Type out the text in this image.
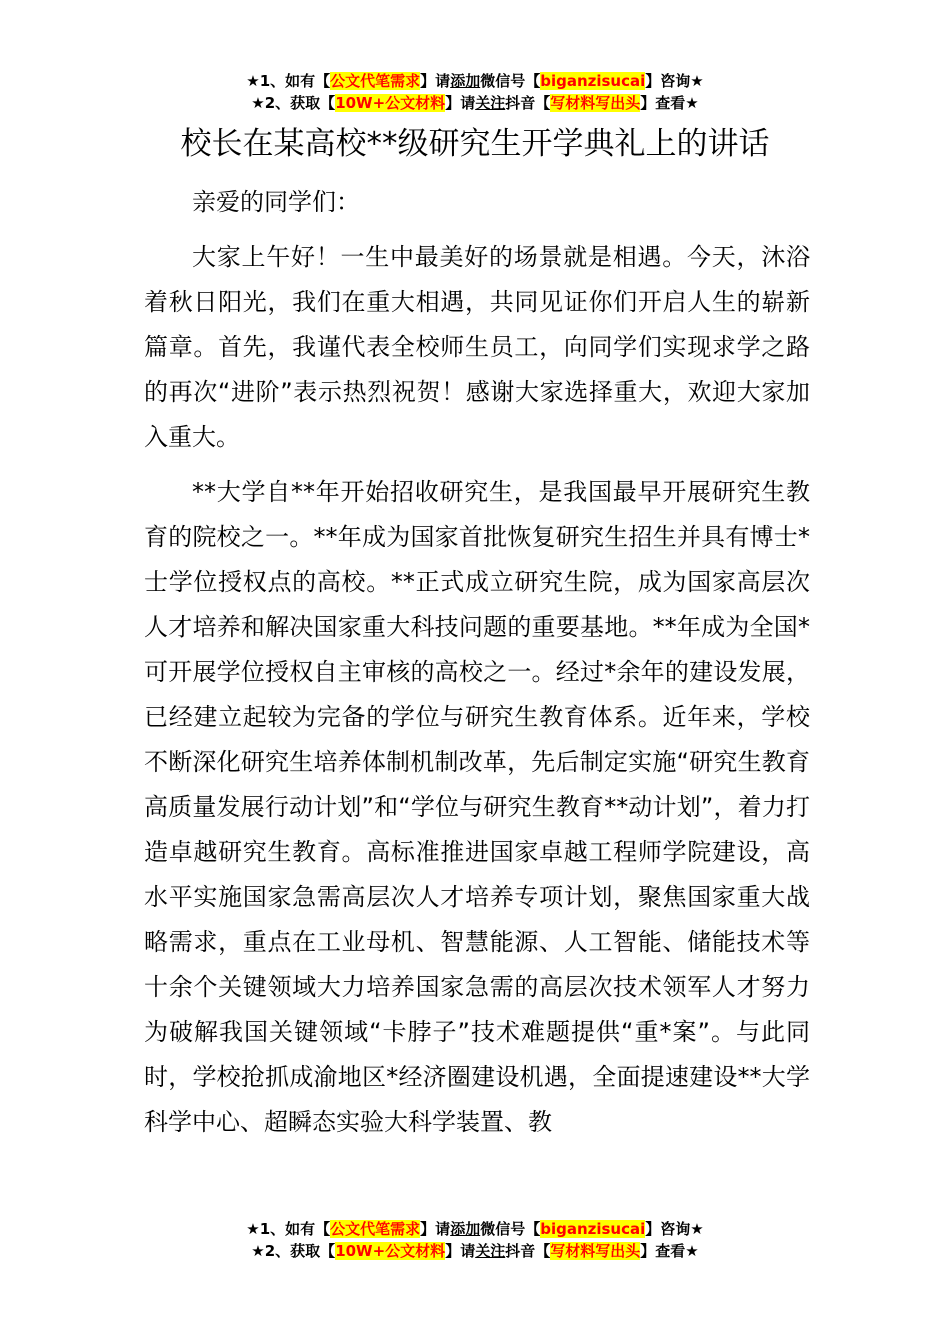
★1、如有【公文代笔需求】请添加微信号【biganzisucai】咨询★
★2、获取【10W+公文材料】请关注抖音【写材料写出头】查看★
校长在某高校**级研究生开学典礼上的讲话

亲爱的同学们：

大家上午好！一生中最美好的场景就是相遇。今天，沐浴着秋日阳光，我们在重大相遇，共同见证你们开启人生的崭新篇章。首先，我谨代表全校师生员工，向同学们实现求学之路的再次“进阶”表示热烈祝贺！感谢大家选择重大，欢迎大家加入重大。

**大学自**年开始招收研究生，是我国最早开展研究生教育的院校之一。**年成为国家首批恢复研究生招生并具有博士*士学位授权点的高校。**正式成立研究生院，成为国家高层次人才培养和解决国家重大科技问题的重要基地。**年成为全国*可开展学位授权自主审核的高校之一。经过*余年的建设发展，已经建立起较为完备的学位与研究生教育体系。近年来，学校不断深化研究生培养体制机制改革，先后制定实施“研究生教育高质量发展行动计划”和“学位与研究生教育**动计划”，着力打造卓越研究生教育。高标准推进国家卓越工程师学院建设，高水平实施国家急需高层次人才培养专项计划，聚焦国家重大战略需求，重点在工业母机、智慧能源、人工智能、储能技术等十余个关键领域大力培养国家急需的高层次技术领军人才努力为破解我国关键领域“卡脖子”技术难题提供“重*案”。与此同时，学校抢抓成渝地区*经济圈建设机遇，全面提速建设**大学科学中心、超瞬态实验大科学装置、教

★1、如有【公文代笔需求】请添加微信号【biganzisucai】咨询★
★2、获取【10W+公文材料】请关注抖音【写材料写出头】查看★
